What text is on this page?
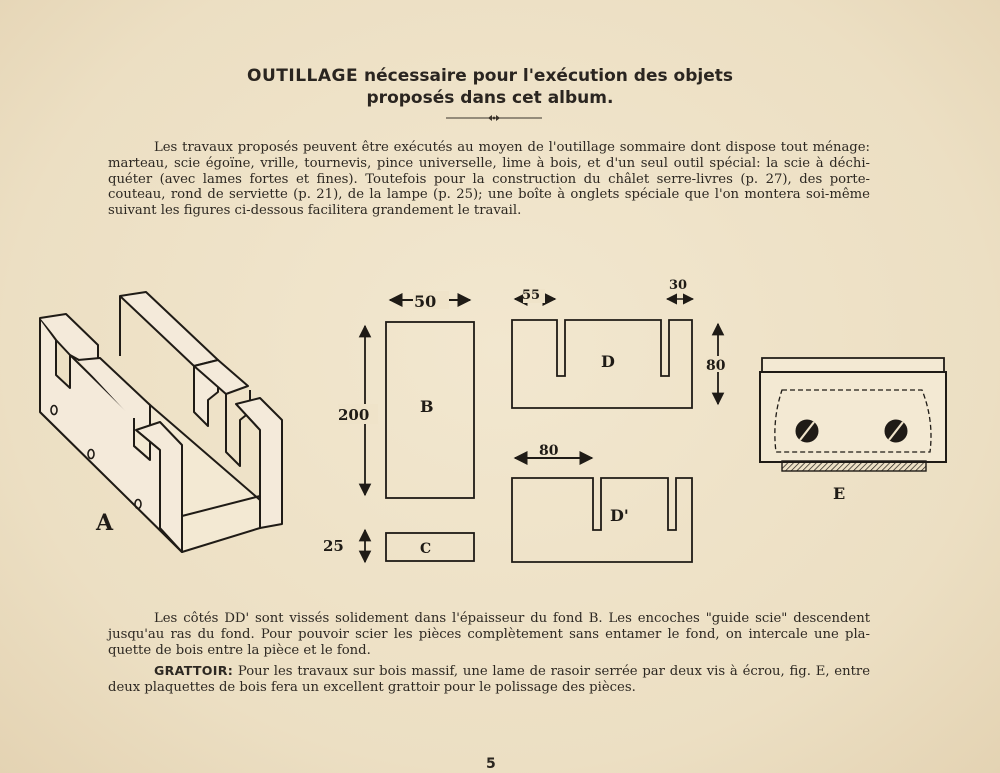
OUTILLAGE nécessaire pour l'exécution des objets
proposés dans cet album.
Les travaux proposés peuvent être exécutés au moyen de l'outillage sommaire dont dispose tout ménage: marteau, scie égoïne, vrille, tournevis, pince universelle, lime à bois, et d'un seul outil spécial: la scie à déchi-quéter (avec lames fortes et fines). Toutefois pour la construction du châlet serre-livres (p. 27), des porte-couteau, rond de serviette (p. 21), de la lampe (p. 25); une boîte à onglets spéciale que l'on montera soi-même suivant les figures ci-dessous facilitera grandement le travail.
A
50
200	B
25	C
55
30
80
D
80
D'
E
Les côtés DD' sont vissés solidement dans l'épaisseur du fond B. Les encoches "guide scie" descendent jusqu'au ras du fond. Pour pouvoir scier les pièces complètement sans entamer le fond, on intercale une pla-quette de bois entre la pièce et le fond.
GRATTOIR: Pour les travaux sur bois massif, une lame de rasoir serrée par deux vis à écrou, fig. E, entre deux plaquettes de bois fera un excellent grattoir pour le polissage des pièces.
5
